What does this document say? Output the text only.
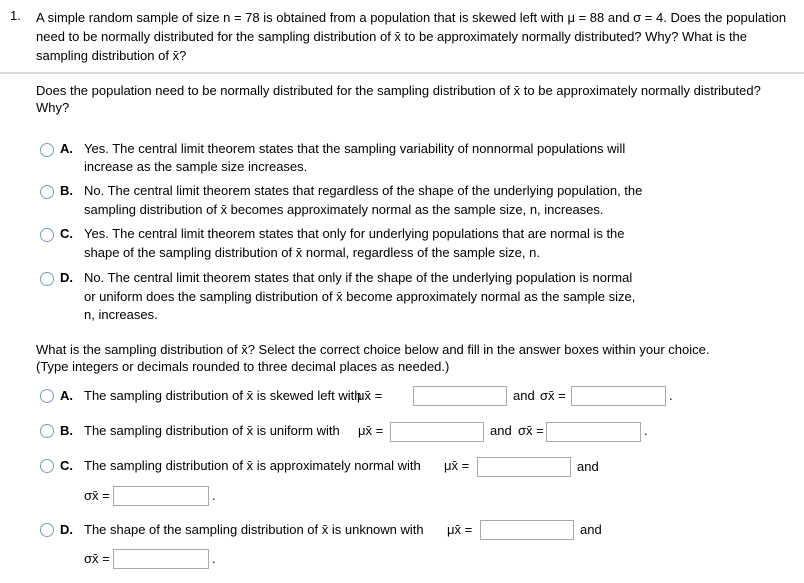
1. A simple random sample of size n = 78 is obtained from a population that is skewed left with μ = 88 and σ = 4. Does the population need to be normally distributed for the sampling distribution of x̄ to be approximately normally distributed? Why? What is the sampling distribution of x̄?
Does the population need to be normally distributed for the sampling distribution of x̄ to be approximately normally distributed? Why?
A. Yes. The central limit theorem states that the sampling variability of nonnormal populations will
increase as the sample size increases.
B. No. The central limit theorem states that regardless of the shape of the underlying population, the
sampling distribution of x̄ becomes approximately normal as the sample size, n, increases.
C. Yes. The central limit theorem states that only for underlying populations that are normal is the
shape of the sampling distribution of x̄ normal, regardless of the sample size, n.
D. No. The central limit theorem states that only if the shape of the underlying population is normal
or uniform does the sampling distribution of x̄ become approximately normal as the sample size,
n, increases.
What is the sampling distribution of x̄? Select the correct choice below and fill in the answer boxes within your choice.
(Type integers or decimals rounded to three decimal places as needed.)
A. The sampling distribution of x̄ is skewed left with
μx̄ =	and σx̄ =	.
B. The sampling distribution of x̄ is uniform with μx̄ =	and σx̄ =	.
C. The sampling distribution of x̄ is approximately normal with μx̄ =	and
σx̄ =	.
D. The shape of the sampling distribution of x̄ is unknown with μx̄ =	and
σx̄ =	.
